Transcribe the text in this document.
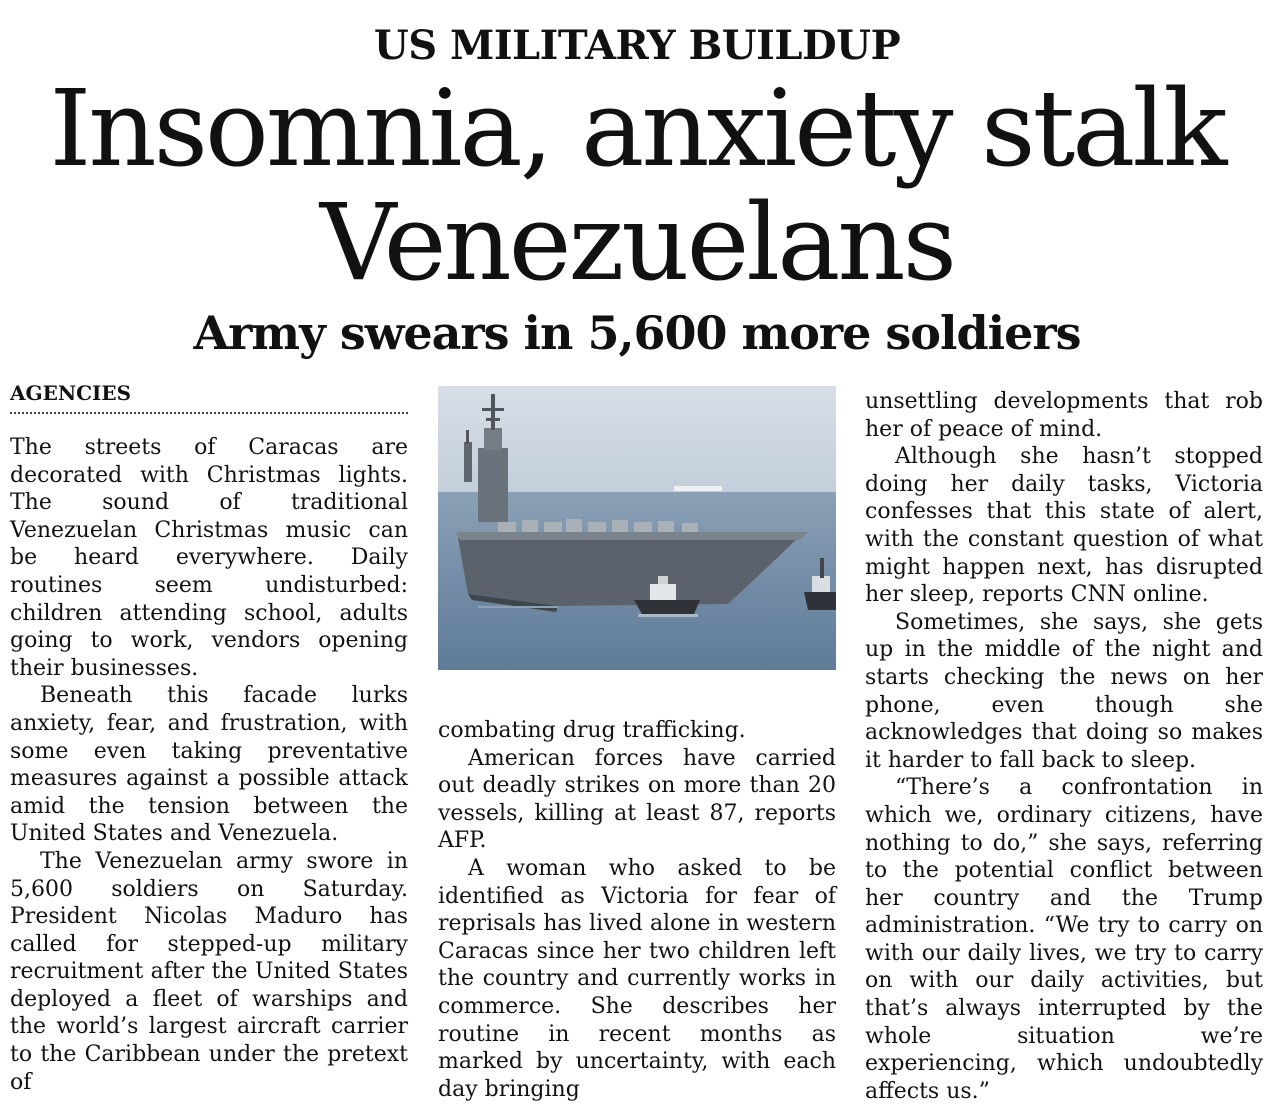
US MILITARY BUILDUP
Insomnia, anxiety stalk
Venezuelans
Army swears in 5,600 more soldiers
AGENCIES

The streets of Caracas are decorated with Christmas lights. The sound of traditional Venezuelan Christmas music can be heard everywhere. Daily routines seem undisturbed: children attending school, adults going to work, vendors opening their businesses.

Beneath this facade lurks anxiety, fear, and frustration, with some even taking preventative measures against a possible attack amid the tension between the United States and Venezuela.

The Venezuelan army swore in 5,600 soldiers on Saturday. President Nicolas Maduro has called for stepped-up military recruitment after the United States deployed a fleet of warships and the world’s largest aircraft carrier to the Caribbean under the pretext of

combating drug trafficking.

American forces have carried out deadly strikes on more than 20 vessels, killing at least 87, reports AFP.

A woman who asked to be identified as Victoria for fear of reprisals has lived alone in western Caracas since her two children left the country and currently works in commerce. She describes her routine in recent months as marked by uncertainty, with each day bringing

unsettling developments that rob her of peace of mind.

Although she hasn’t stopped doing her daily tasks, Victoria confesses that this state of alert, with the constant question of what might happen next, has disrupted her sleep, reports CNN online.

Sometimes, she says, she gets up in the middle of the night and starts checking the news on her phone, even though she acknowledges that doing so makes it harder to fall back to sleep.

“There’s a confrontation in which we, ordinary citizens, have nothing to do,” she says, referring to the potential conflict between her country and the Trump administration. “We try to carry on with our daily lives, we try to carry on with our daily activities, but that’s always interrupted by the whole situation we’re experiencing, which undoubtedly affects us.”
